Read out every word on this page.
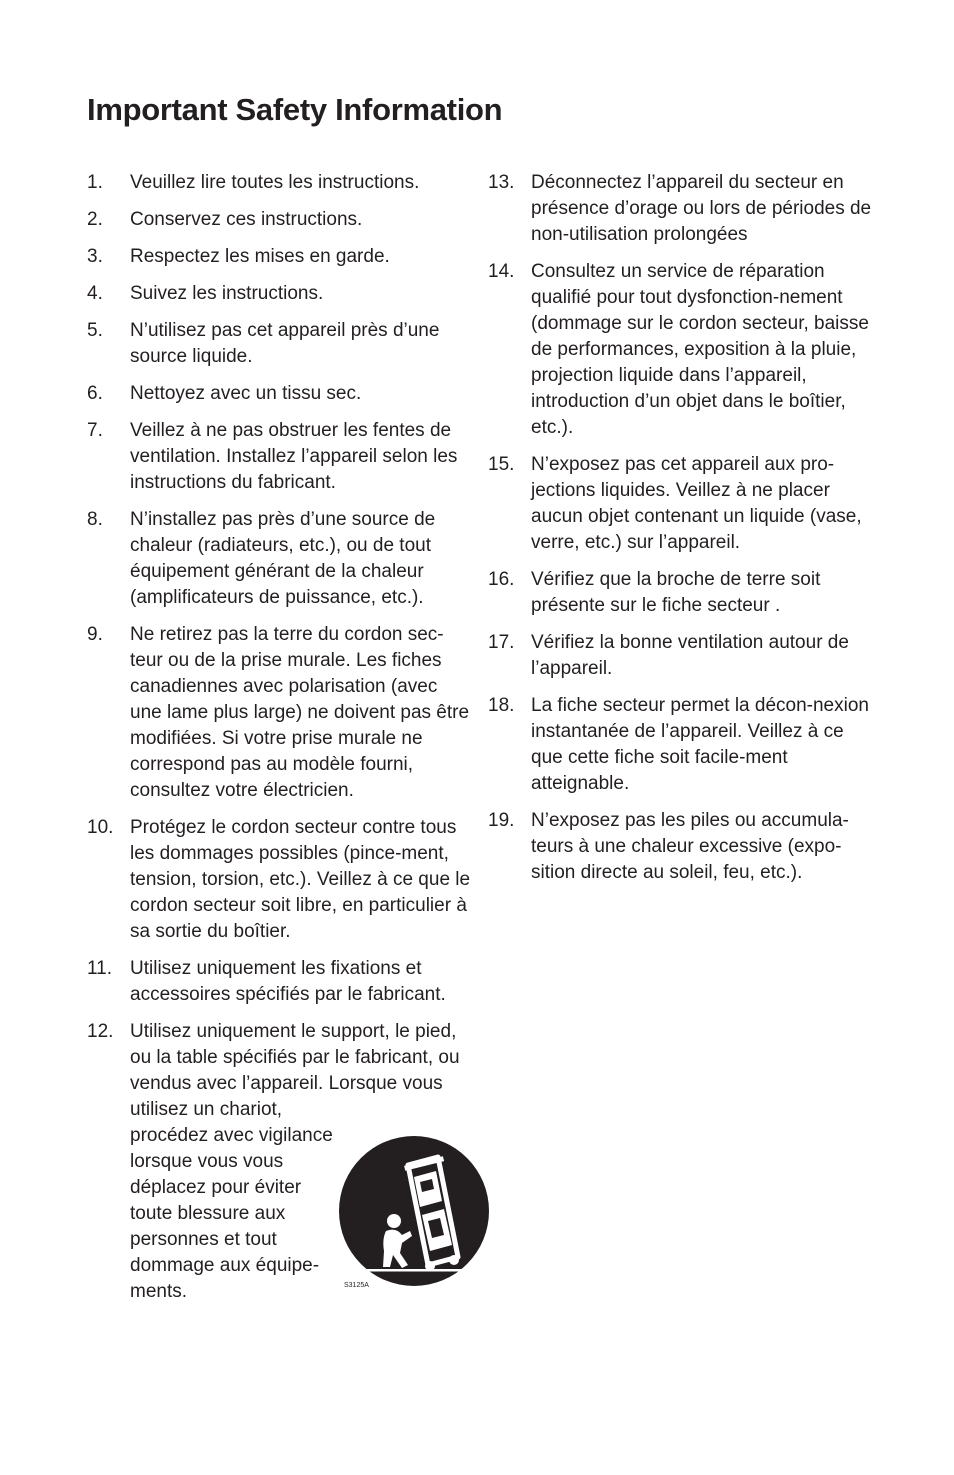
Important Safety Information
1. Veuillez lire toutes les instructions.
2. Conservez ces instructions.
3. Respectez les mises en garde.
4. Suivez les instructions.
5. N’utilisez pas cet appareil près d’une source liquide.
6. Nettoyez avec un tissu sec.
7. Veillez à ne pas obstruer les fentes de ventilation. Installez l’appareil selon les instructions du fabricant.
8. N’installez pas près d’une source de chaleur (radiateurs, etc.), ou de tout équipement générant de la chaleur (amplificateurs de puissance, etc.).
9. Ne retirez pas la terre du cordon sec-teur ou de la prise murale. Les fiches canadiennes avec polarisation (avec une lame plus large) ne doivent pas être modifiées. Si votre prise murale ne correspond pas au modèle fourni, consultez votre électricien.
10. Protégez le cordon secteur contre tous les dommages possibles (pince-ment, tension, torsion, etc.). Veillez à ce que le cordon secteur soit libre, en particulier à sa sortie du boîtier.
11. Utilisez uniquement les fixations et accessoires spécifiés par le fabricant.
12. Utilisez uniquement le support, le pied, ou la table spécifiés par le fabricant, ou vendus avec l’appareil. Lorsque vous utilisez un chariot,
procédez avec vigilance lorsque vous vous déplacez pour éviter toute blessure aux personnes et tout dommage aux équipe-ments.
13. Déconnectez l’appareil du secteur en présence d’orage ou lors de périodes de non-utilisation prolongées
14. Consultez un service de réparation qualifié pour tout dysfonction-nement (dommage sur le cordon secteur, baisse de performances, exposition à la pluie, projection liquide dans l’appareil, introduction d’un objet dans le boîtier, etc.).
15. N’exposez pas cet appareil aux pro-jections liquides. Veillez à ne placer aucun objet contenant un liquide (vase, verre, etc.) sur l’appareil.
16. Vérifiez que la broche de terre soit présente sur le fiche secteur .
17. Vérifiez la bonne ventilation autour de l’appareil.
18. La fiche secteur permet la décon-nexion instantanée de l’appareil. Veillez à ce que cette fiche soit facile-ment atteignable.
19. N’exposez pas les piles ou accumula-teurs à une chaleur excessive (expo-sition directe au soleil, feu, etc.).
S3125A
